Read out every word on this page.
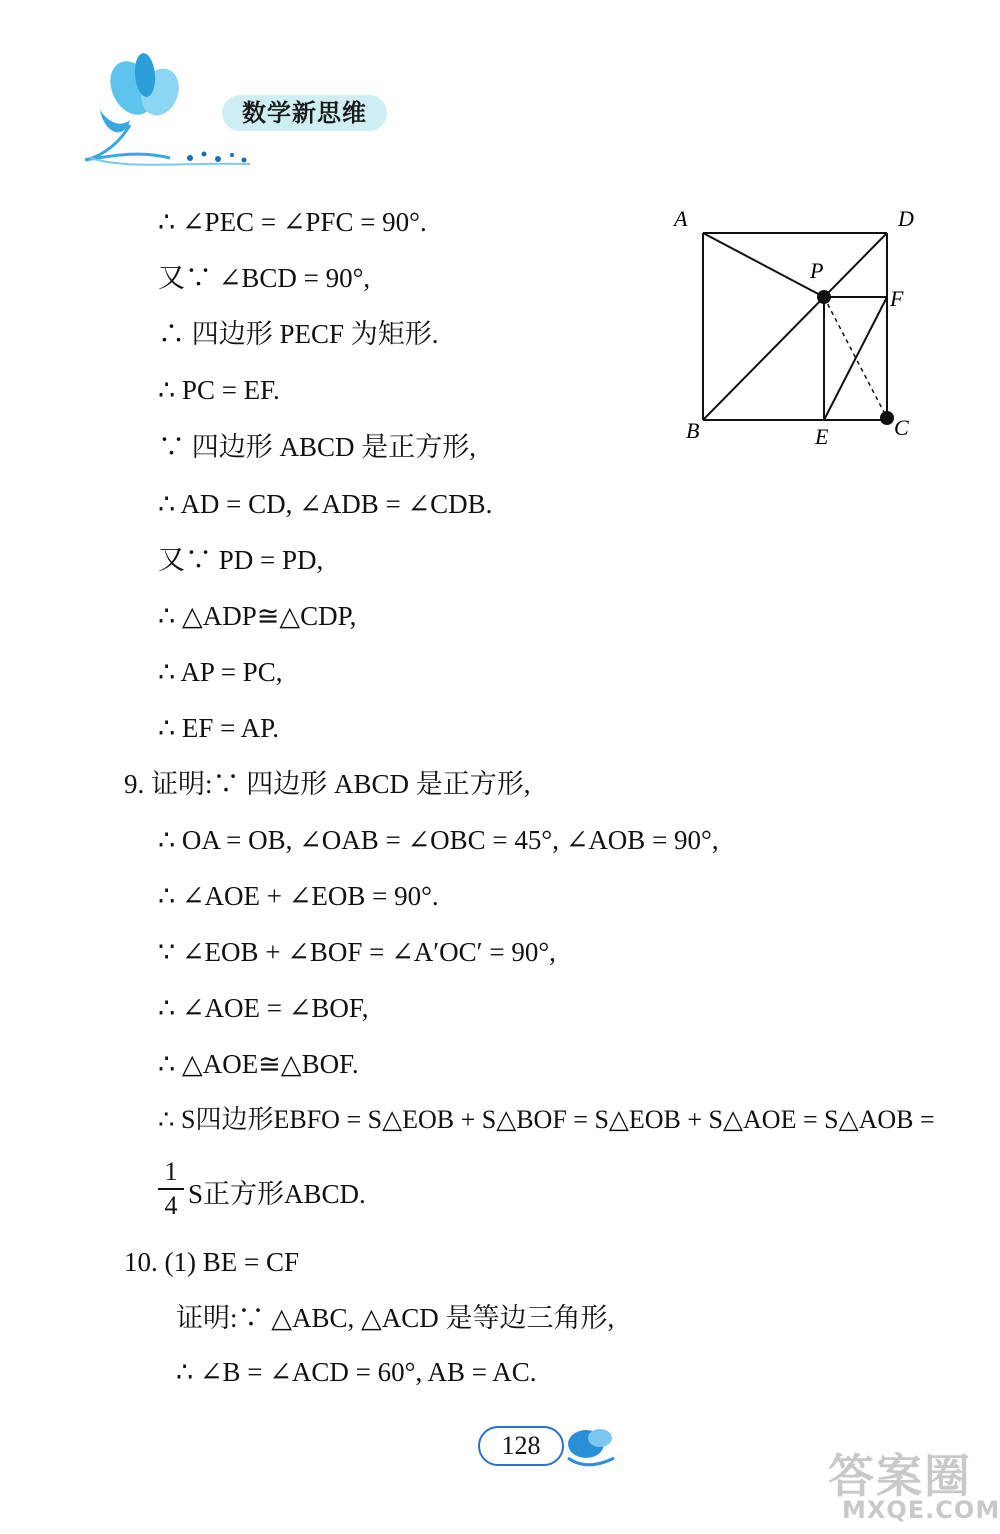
数学新思维
A	D
P
F
B	E	C
∴ ∠PEC = ∠PFC = 90°.
又∵ ∠BCD = 90°,
∴ 四边形 PECF 为矩形.
∴ PC = EF.
∵ 四边形 ABCD 是正方形,
∴ AD = CD, ∠ADB = ∠CDB.
又∵ PD = PD,
∴ △ADP≅△CDP,
∴ AP = PC,
∴ EF = AP.
9. 证明:∵ 四边形 ABCD 是正方形,
∴ OA = OB, ∠OAB = ∠OBC = 45°, ∠AOB = 90°,
∴ ∠AOE + ∠EOB = 90°.
∵ ∠EOB + ∠BOF = ∠A′OC′ = 90°,
∴ ∠AOE = ∠BOF,
∴ △AOE≅△BOF.
∴ S四边形EBFO = S△EOB + S△BOF = S△EOB + S△AOE = S△AOB =
1
4 S正方形ABCD.
10. (1) BE = CF
证明:∵ △ABC, △ACD 是等边三角形,
∴ ∠B = ∠ACD = 60°, AB = AC.
128
答案圈
MXQE.COM
